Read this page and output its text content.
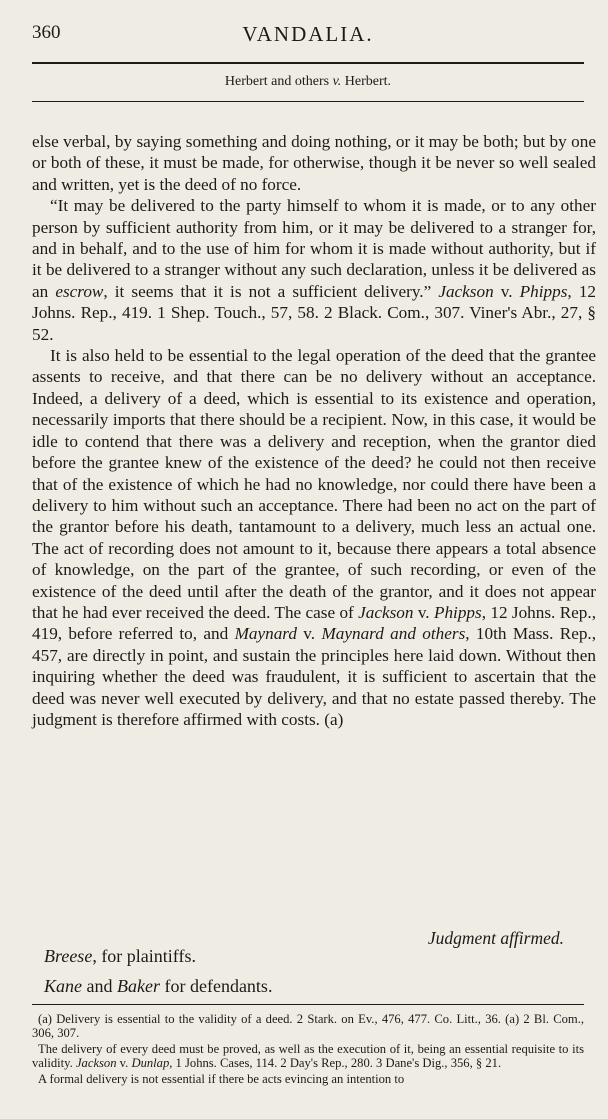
360	VANDALIA.
Herbert and others v. Herbert.

else verbal, by saying something and doing nothing, or it may be both; but by one or both of these, it must be made, for otherwise, though it be never so well sealed and written, yet is the deed of no force.

“It may be delivered to the party himself to whom it is made, or to any other person by sufficient authority from him, or it may be delivered to a stranger for, and in behalf, and to the use of him for whom it is made without authority, but if it be delivered to a stranger without any such declaration, unless it be delivered as an escrow, it seems that it is not a sufficient delivery.” Jackson v. Phipps, 12 Johns. Rep., 419. 1 Shep. Touch., 57, 58. 2 Black. Com., 307. Viner's Abr., 27, § 52.

It is also held to be essential to the legal operation of the deed that the grantee assents to receive, and that there can be no delivery without an acceptance. Indeed, a delivery of a deed, which is essential to its existence and operation, necessarily imports that there should be a recipient. Now, in this case, it would be idle to contend that there was a delivery and reception, when the grantor died before the grantee knew of the existence of the deed? he could not then receive that of the existence of which he had no knowledge, nor could there have been a delivery to him without such an acceptance. There had been no act on the part of the grantor before his death, tantamount to a delivery, much less an actual one. The act of recording does not amount to it, because there appears a total absence of knowledge, on the part of the grantee, of such recording, or even of the existence of the deed until after the death of the grantor, and it does not appear that he had ever received the deed. The case of Jackson v. Phipps, 12 Johns. Rep., 419, before referred to, and Maynard v. Maynard and others, 10th Mass. Rep., 457, are directly in point, and sustain the principles here laid down. Without then inquiring whether the deed was fraudulent, it is sufficient to ascertain that the deed was never well executed by delivery, and that no estate passed thereby. The judgment is therefore affirmed with costs. (a)

Judgment affirmed.
Breese, for plaintiffs.
Kane and Baker for defendants.

(a) Delivery is essential to the validity of a deed. 2 Stark. on Ev., 476, 477. Co. Litt., 36. (a) 2 Bl. Com., 306, 307.

The delivery of every deed must be proved, as well as the execution of it, being an essential requisite to its validity. Jackson v. Dunlap, 1 Johns. Cases, 114. 2 Day's Rep., 280. 3 Dane's Dig., 356, § 21.

A formal delivery is not essential if there be acts evincing an intention to
